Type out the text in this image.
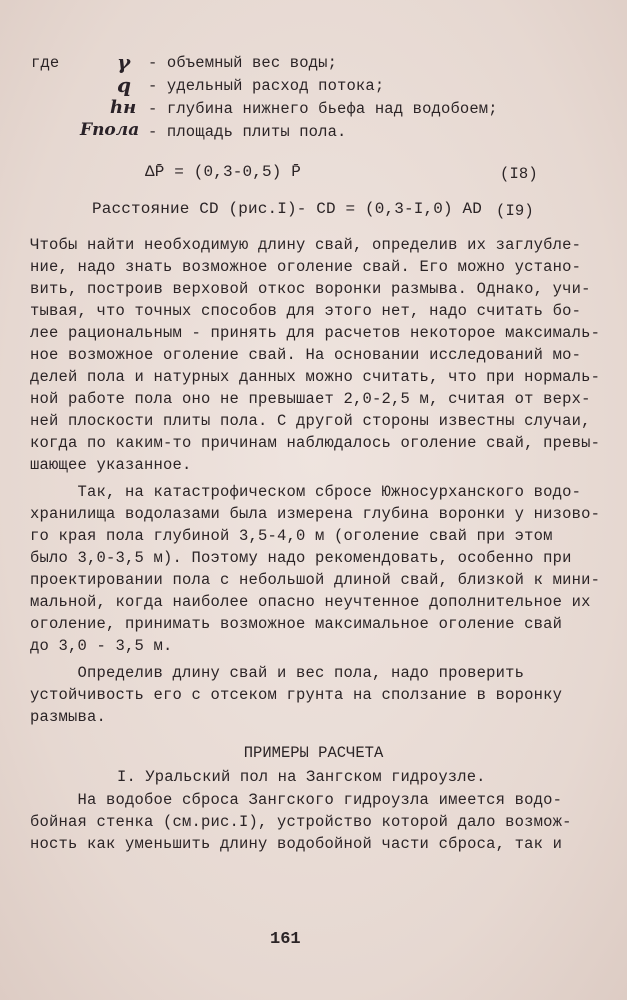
где	γ - объемный вес воды;
q - удельный расход потока;
hн - глубина нижнего бьефа над водобоем;
Fпола - площадь плиты пола.
ΔP̄ = (0,3-0,5) P̄	(I8)
Расстояние CD (рис.I)- CD = (0,3-I,0) AD (I9)
Чтобы найти необходимую длину свай, определив их заглубле-
ние, надо знать возможное оголение свай. Его можно устано-
вить, построив верховой откос воронки размыва. Однако, учи-
тывая, что точных способов для этого нет, надо считать бо-
лее рациональным - принять для расчетов некоторое максималь-
ное возможное оголение свай. На основании исследований мо-
делей пола и натурных данных можно считать, что при нормаль-
ной работе пола оно не превышает 2,0-2,5 м, считая от верх-
ней плоскости плиты пола. С другой стороны известны случаи,
когда по каким-то причинам наблюдалось оголение свай, превы-
шающее указанное.
Так, на катастрофическом сбросе Южносурханского водо-
хранилища водолазами была измерена глубина воронки у низово-
го края пола глубиной 3,5-4,0 м (оголение свай при этом
было 3,0-3,5 м). Поэтому надо рекомендовать, особенно при
проектировании пола с небольшой длиной свай, близкой к мини-
мальной, когда наиболее опасно неучтенное дополнительное их
оголение, принимать возможное максимальное оголение свай
до 3,0 - 3,5 м.
Определив длину свай и вес пола, надо проверить
устойчивость его с отсеком грунта на сползание в воронку
размыва.
ПРИМЕРЫ РАСЧЕТА
I. Уральский пол на Зангском гидроузле.
На водобое сброса Зангского гидроузла имеется водо-
бойная стенка (см.рис.I), устройство которой дало возмож-
ность как уменьшить длину водобойной части сброса, так и
161
